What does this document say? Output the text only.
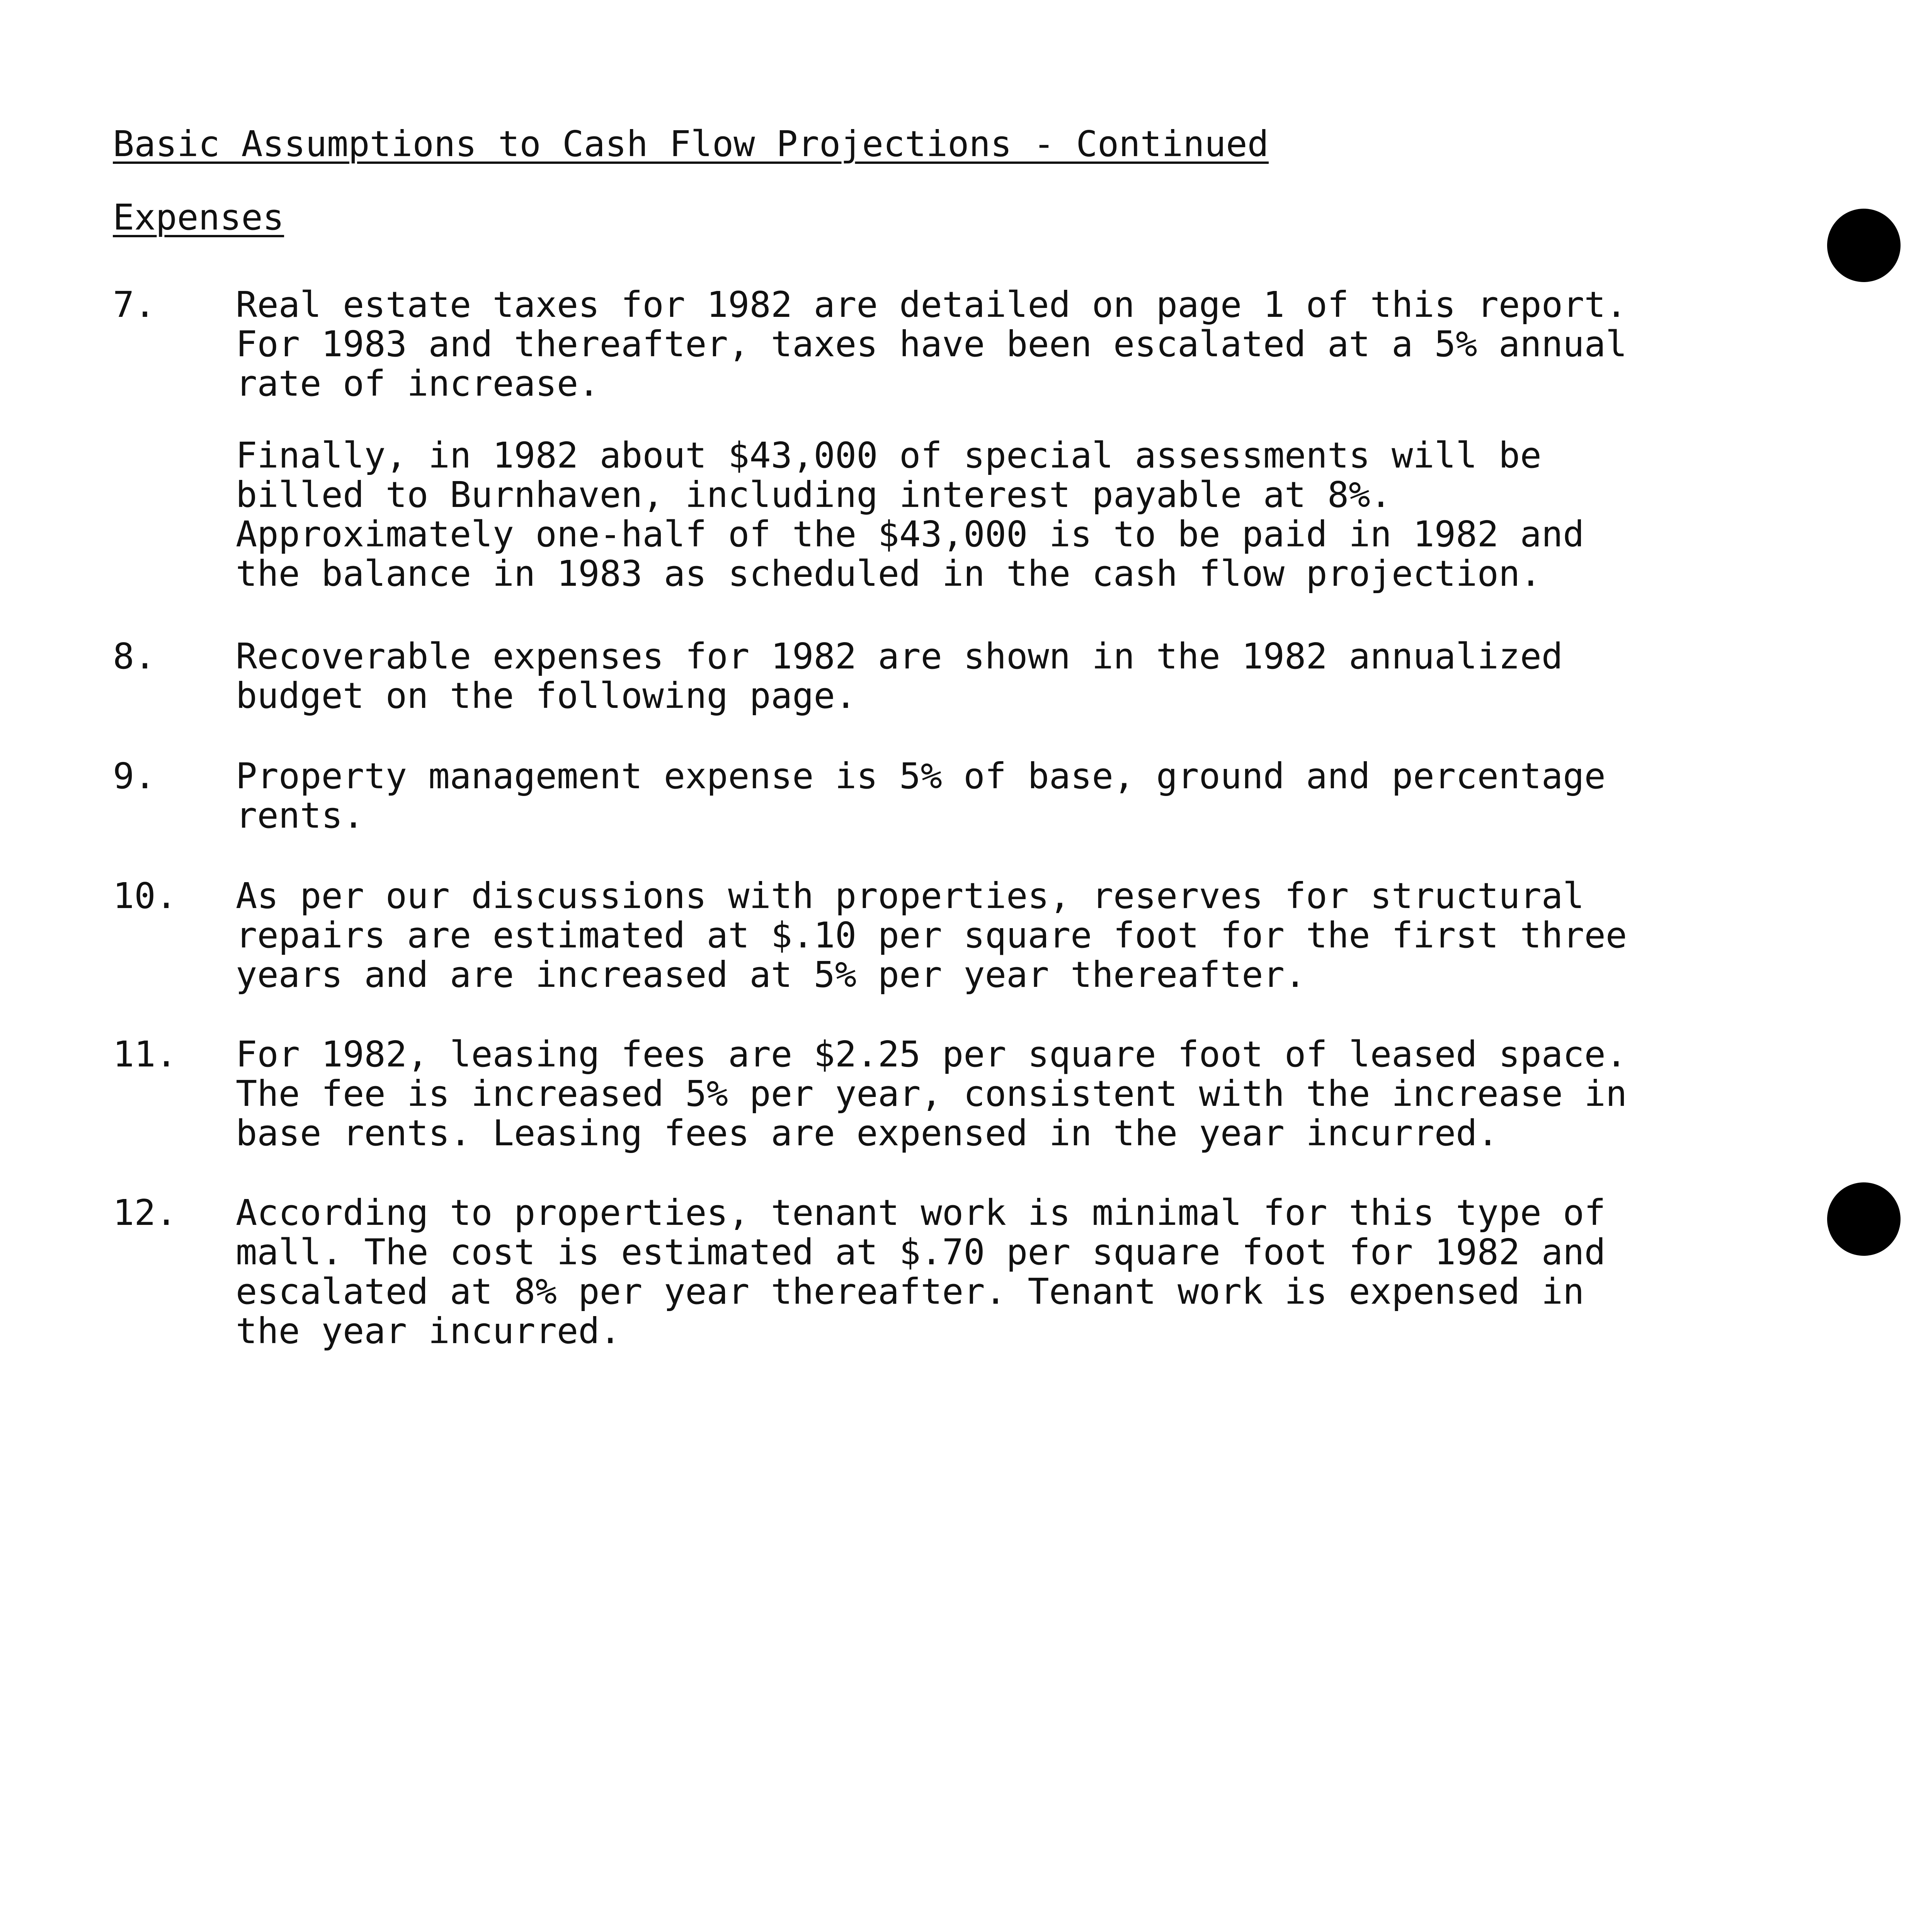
Basic Assumptions to Cash Flow Projections - Continued
Expenses
7. Real estate taxes for 1982 are detailed on page 1 of this report. For 1983 and thereafter, taxes have been escalated at a 5% annual rate of increase.
Finally, in 1982 about $43,000 of special assessments will be billed to Burnhaven, including interest payable at 8%. Approximately one-half of the $43,000 is to be paid in 1982 and the balance in 1983 as scheduled in the cash flow projection.
8. Recoverable expenses for 1982 are shown in the 1982 annualized budget on the following page.
9. Property management expense is 5% of base, ground and percentage rents.
10. As per our discussions with properties, reserves for structural repairs are estimated at $.10 per square foot for the first three years and are increased at 5% per year thereafter.
11. For 1982, leasing fees are $2.25 per square foot of leased space. The fee is increased 5% per year, consistent with the increase in base rents. Leasing fees are expensed in the year incurred.
12. According to properties, tenant work is minimal for this type of mall. The cost is estimated at $.70 per square foot for 1982 and escalated at 8% per year thereafter. Tenant work is expensed in the year incurred.
